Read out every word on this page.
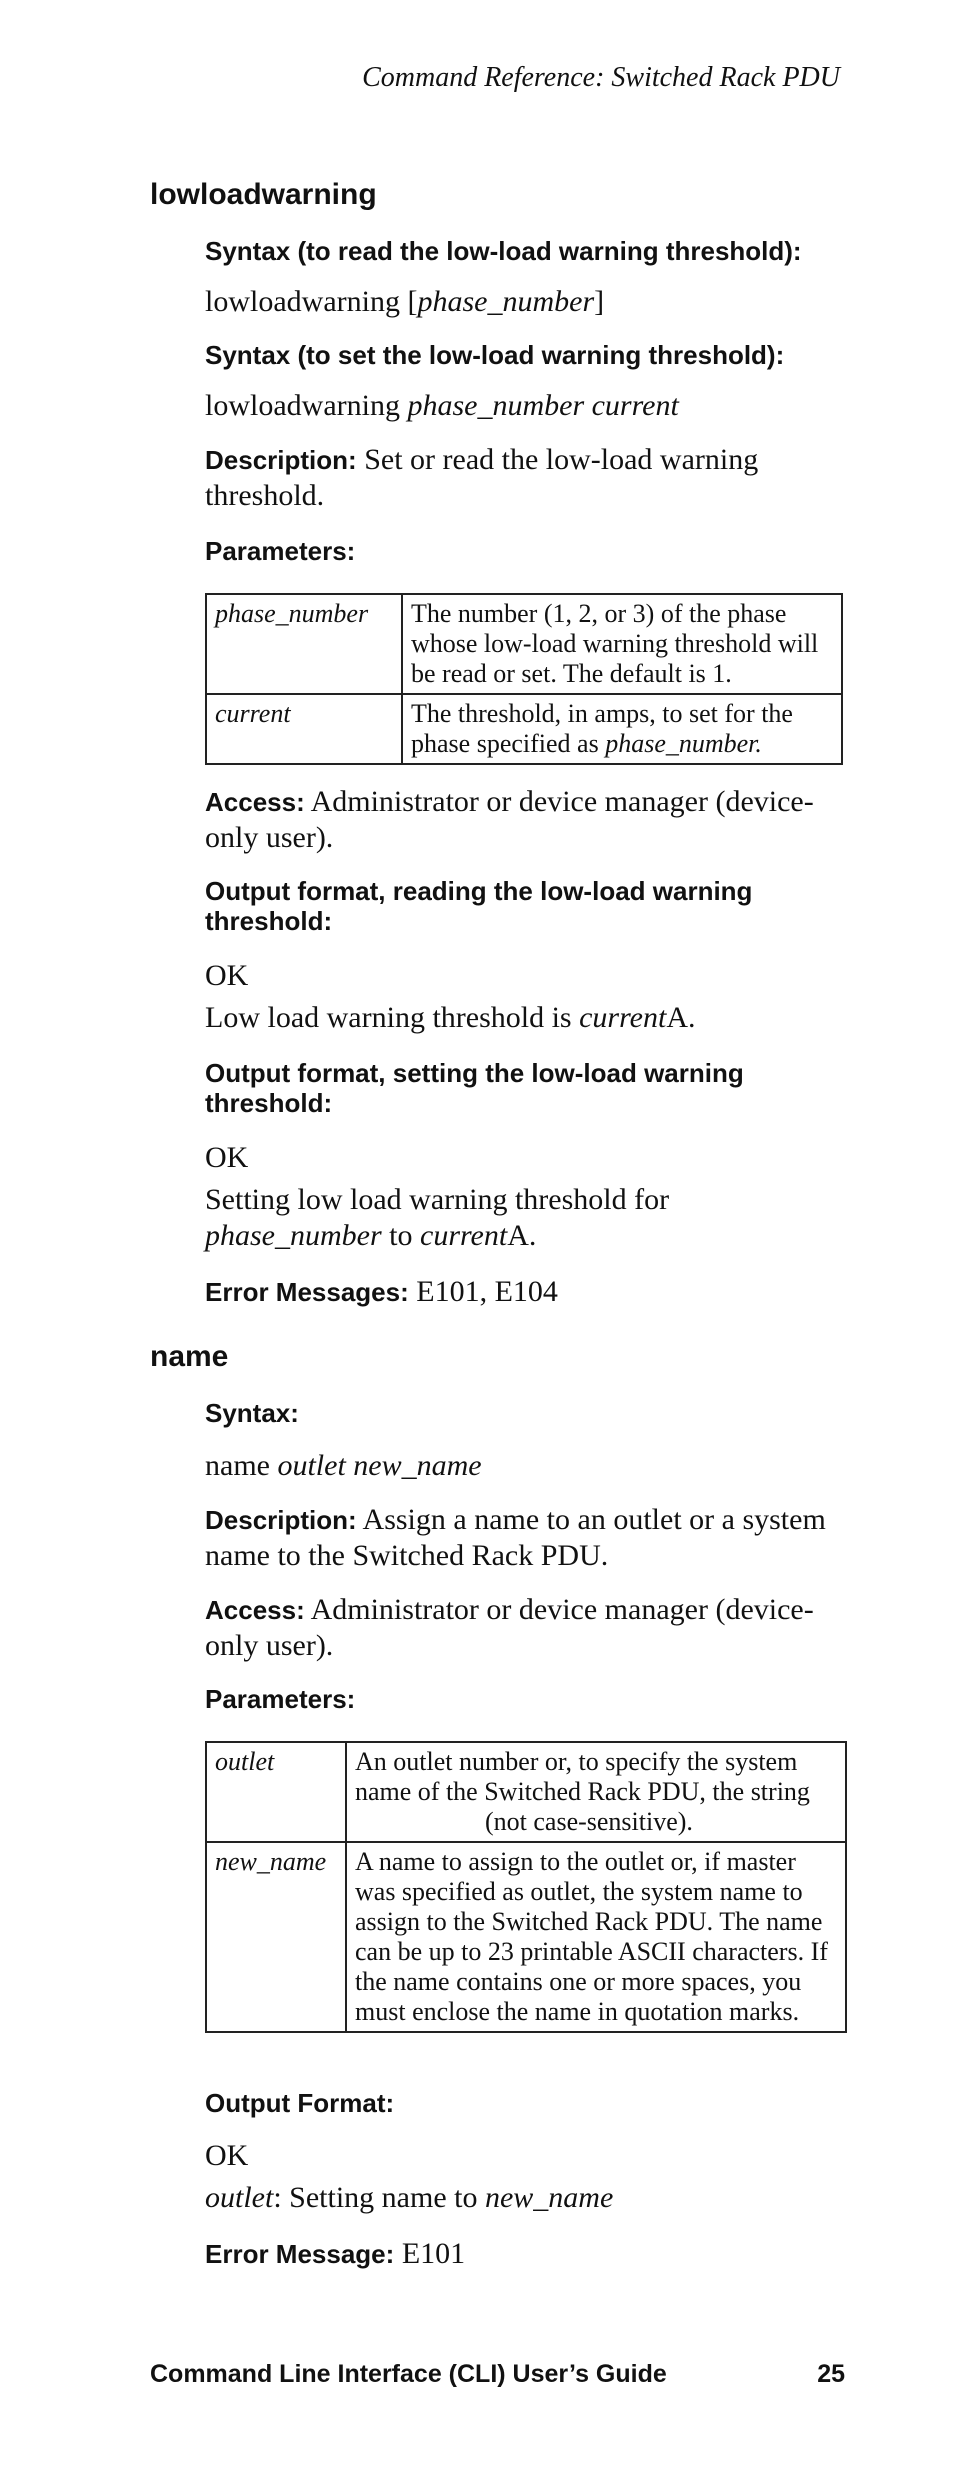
Command Reference: Switched Rack PDU
lowloadwarning
Syntax (to read the low-load warning threshold):
lowloadwarning [phase_number]
Syntax (to set the low-load warning threshold):
lowloadwarning phase_number current
Description: Set or read the low-load warning threshold.
Parameters:
phase_number	The number (1, 2, or 3) of the phase whose low-load warning threshold will be read or set. The default is 1.
current	The threshold, in amps, to set for the phase specified as phase_number.
Access: Administrator or device manager (device-only user).
Output format, reading the low-load warning threshold:
OK
Low load warning threshold is currentA.
Output format, setting the low-load warning threshold:
OK
Setting low load warning threshold for
phase_number to currentA.
Error Messages: E101, E104
name
Syntax:
name outlet new_name
Description: Assign a name to an outlet or a system name to the Switched Rack PDU.
Access: Administrator or device manager (device-only user).
Parameters:
outlet	An outlet number or, to specify the system name of the Switched Rack PDU, the string(not case-sensitive).
new_name	A name to assign to the outlet or, if master was specified as outlet, the system name to assign to the Switched Rack PDU. The name can be up to 23 printable ASCII characters. If the name contains one or more spaces, you must enclose the name in quotation marks.
Output Format:
OK
outlet: Setting name to new_name
Error Message: E101
Command Line Interface (CLI) User’s Guide	25
